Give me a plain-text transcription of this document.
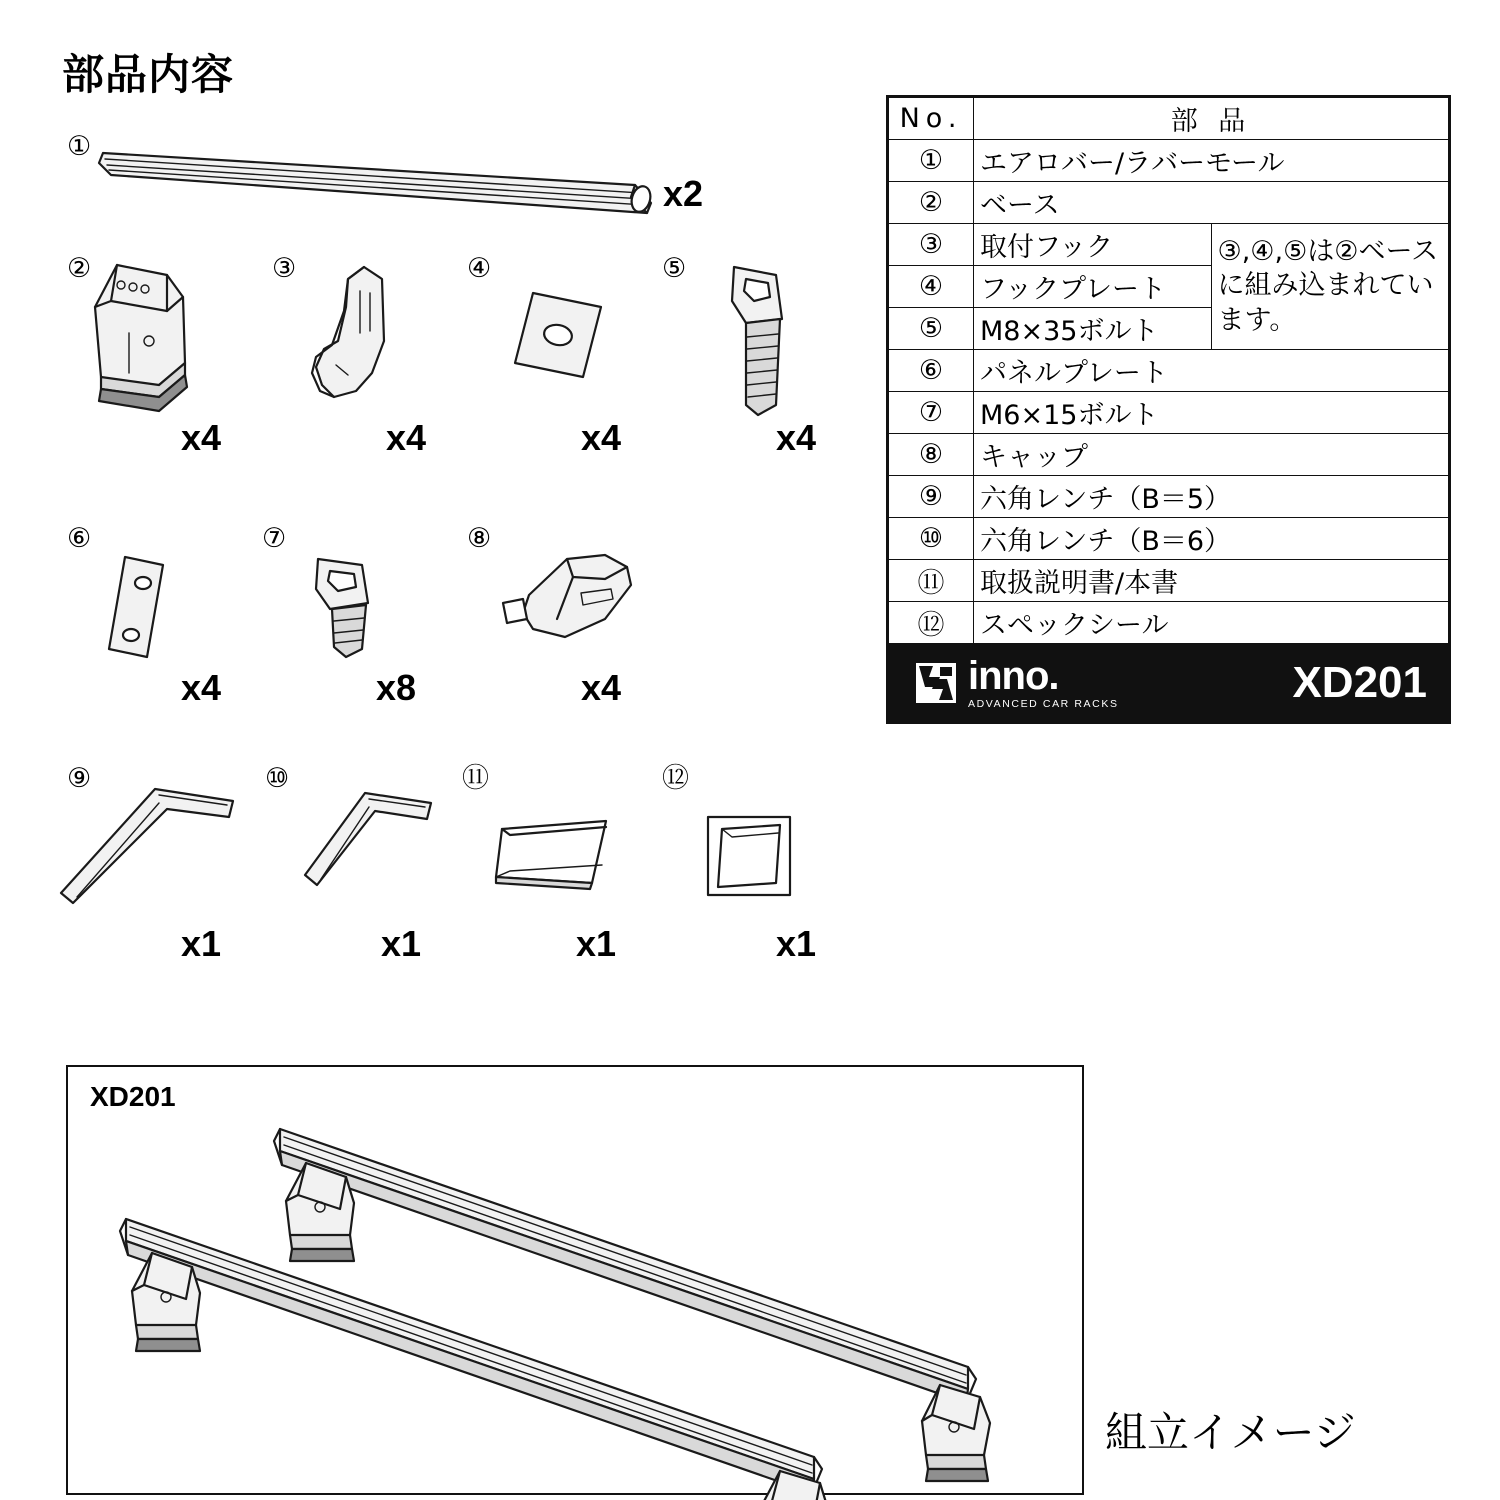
部品内容
①
x2
②
x4
③
x4
④
x4
⑤
x4
⑥
x4
⑦
x8
⑧
x4
⑨
x1
⑩
x1
⑪
x1
⑫
x1
No.	部 品	
①	エアロバー/ラバーモール	
②	ベース	
③	取付フック	③,④,⑤は②ベースに組み込まれています。
④	フックプレート	
⑤	M8×35ボルト	
⑥	パネルプレート	
⑦	M6×15ボルト	
⑧	キャップ	
⑨	六角レンチ（B＝5）	
⑩	六角レンチ（B＝6）	
⑪	取扱説明書/本書	
⑫	スペックシール	
inno.
ADVANCED CAR RACKS	XD201
XD201
組立イメージ
